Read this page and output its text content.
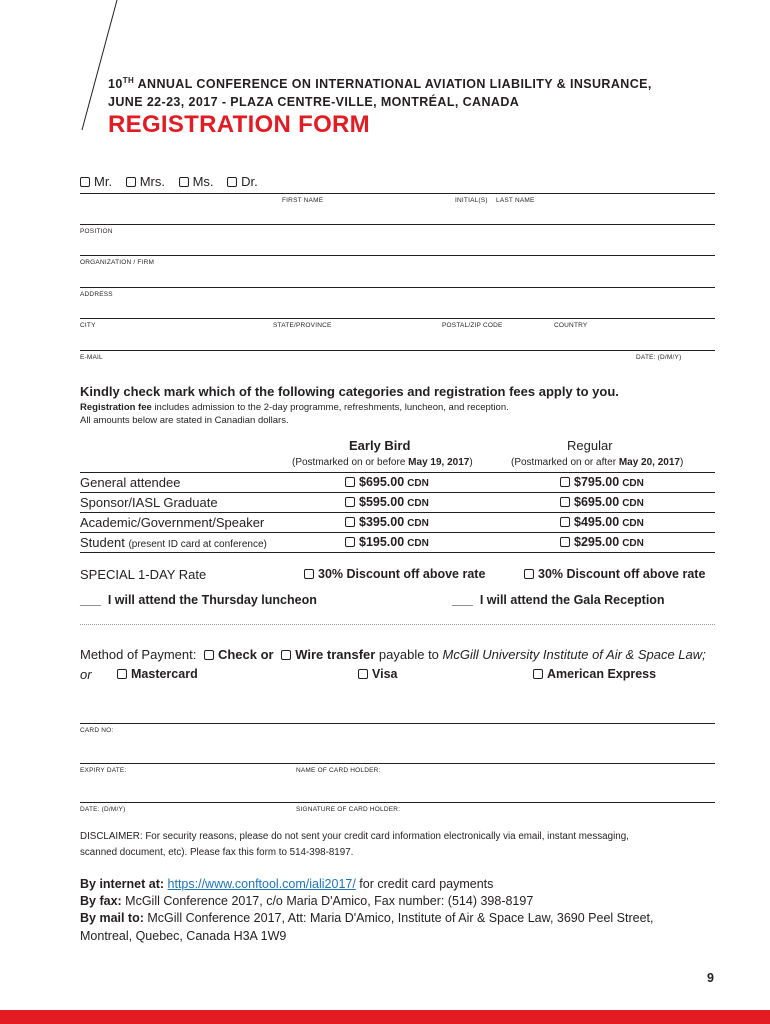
10TH ANNUAL CONFERENCE ON INTERNATIONAL AVIATION LIABILITY & INSURANCE,
JUNE 22-23, 2017 - PLAZA CENTRE-VILLE, MONTRÉAL, CANADA
REGISTRATION FORM
Mr. Mrs. Ms. Dr.
FIRST NAME	INITIAL(S) LAST NAME
POSITION
ORGANIZATION / FIRM
ADDRESS
CITY	STATE/PROVINCE	POSTAL/ZIP CODE	COUNTRY
E-MAIL	DATE: (D/M/Y)
Kindly check mark which of the following categories and registration fees apply to you.
Registration fee includes admission to the 2-day programme, refreshments, luncheon, and reception.
All amounts below are stated in Canadian dollars.
Early Bird	Regular
(Postmarked on or before May 19, 2017)	(Postmarked on or after May 20, 2017)
General attendee	$695.00 CDN	$795.00 CDN
Sponsor/IASL Graduate	$595.00 CDN	$695.00 CDN
Academic/Government/Speaker	$395.00 CDN	$495.00 CDN
Student (present ID card at conference)	$195.00 CDN	$295.00 CDN
SPECIAL 1-DAY Rate	30% Discount off above rate	30% Discount off above rate
___ I will attend the Thursday luncheon	___ I will attend the Gala Reception
Method of Payment: Check or Wire transfer payable to McGill University Institute of Air & Space Law;
or	Mastercard	Visa	American Express
CARD NO:
EXPIRY DATE:	NAME OF CARD HOLDER:
DATE: (D/M/Y)	SIGNATURE OF CARD HOLDER:
DISCLAIMER: For security reasons, please do not sent your credit card information electronically via email, instant messaging,
scanned document, etc). Please fax this form to 514-398-8197.
By internet at: https://www.conftool.com/iali2017/ for credit card payments
By fax: McGill Conference 2017, c/o Maria D'Amico, Fax number: (514) 398-8197
By mail to: McGill Conference 2017, Att: Maria D'Amico, Institute of Air & Space Law, 3690 Peel Street,
Montreal, Quebec, Canada H3A 1W9
9
